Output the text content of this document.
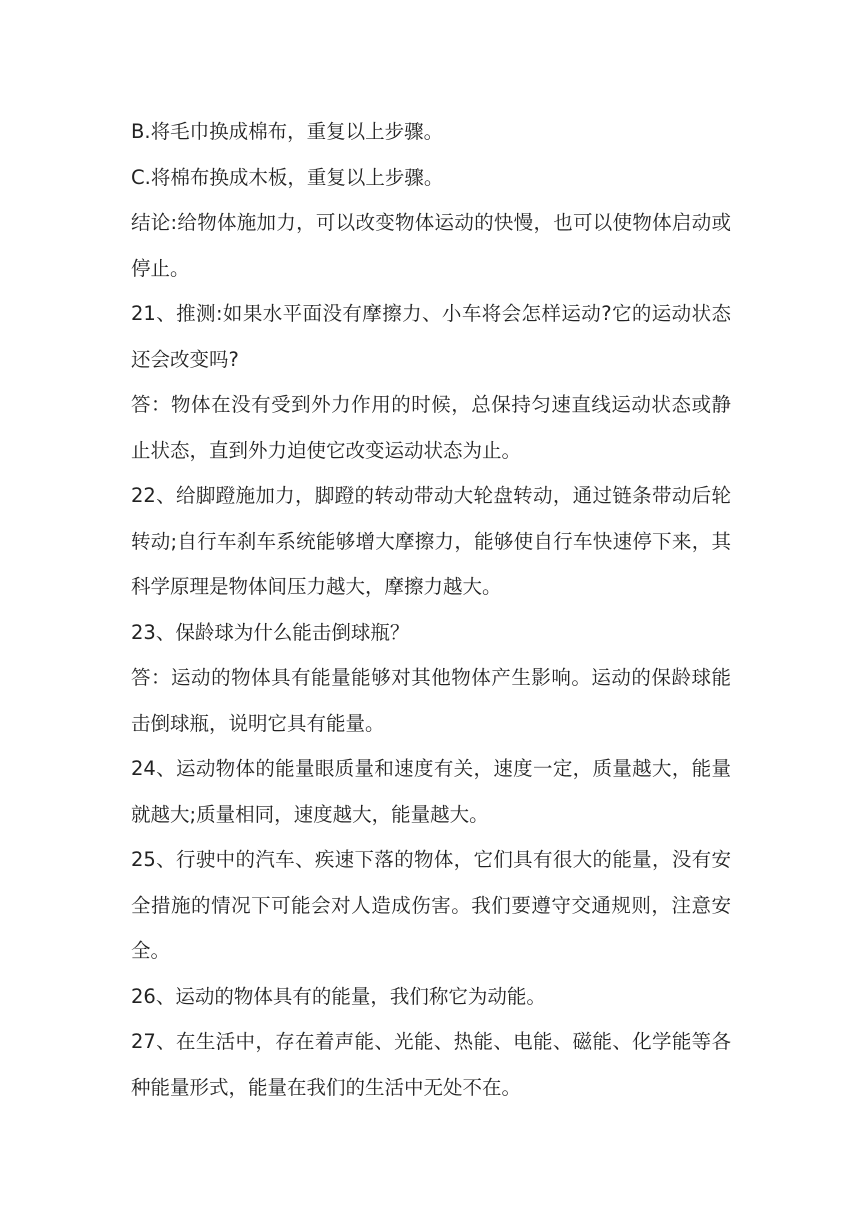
B.将毛巾换成棉布，重复以上步骤。

C.将棉布换成木板，重复以上步骤。

结论:给物体施加力，可以改变物体运动的快慢，也可以使物体启动或停止。

21、推测:如果水平面没有摩擦力、小车将会怎样运动?它的运动状态还会改变吗?

答：物体在没有受到外力作用的时候，总保持匀速直线运动状态或静止状态，直到外力迫使它改变运动状态为止。

22、给脚蹬施加力，脚蹬的转动带动大轮盘转动，通过链条带动后轮转动;自行车刹车系统能够增大摩擦力，能够使自行车快速停下来，其科学原理是物体间压力越大，摩擦力越大。

23、保龄球为什么能击倒球瓶？

答：运动的物体具有能量能够对其他物体产生影响。运动的保龄球能击倒球瓶，说明它具有能量。

24、运动物体的能量眼质量和速度有关，速度一定，质量越大，能量就越大;质量相同，速度越大，能量越大。

25、行驶中的汽车、疾速下落的物体，它们具有很大的能量，没有安全措施的情况下可能会对人造成伤害。我们要遵守交通规则，注意安全。

26、运动的物体具有的能量，我们称它为动能。

27、在生活中，存在着声能、光能、热能、电能、磁能、化学能等各种能量形式，能量在我们的生活中无处不在。
